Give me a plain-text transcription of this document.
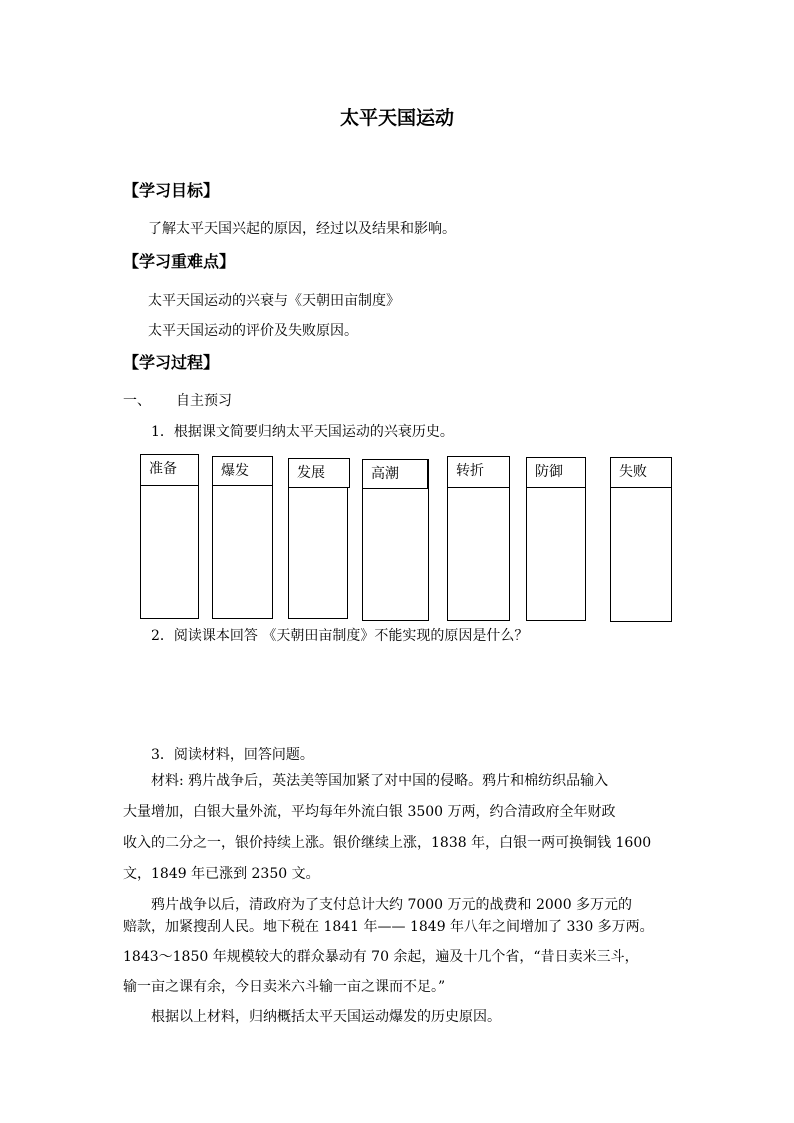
太平天国运动
【学习目标】
了解太平天国兴起的原因，经过以及结果和影响。
【学习重难点】
太平天国运动的兴衰与《天朝田亩制度》
太平天国运动的评价及失败原因。
【学习过程】
一、 自主预习
1．根据课文简要归纳太平天国运动的兴衰历史。
准备	爆发	发展	高潮	转折	防御	失败
2．阅读课本回答 《天朝田亩制度》不能实现的原因是什么？
3．阅读材料，回答问题。
材料: 鸦片战争后，英法美等国加紧了对中国的侵略。鸦片和棉纺织品输入
大量增加，白银大量外流，平均每年外流白银 3500 万两，约合清政府全年财政
收入的二分之一，银价持续上涨。银价继续上涨，1838 年，白银一两可换铜钱 1600
文，1849 年已涨到 2350 文。
鸦片战争以后，清政府为了支付总计大约 7000 万元的战费和 2000 多万元的
赔款，加紧搜刮人民。地下税在 1841 年—— 1849 年八年之间增加了 330 多万两。
1843～1850 年规模较大的群众暴动有 70 余起，遍及十几个省，“昔日卖米三斗，
输一亩之课有余，今日卖米六斗输一亩之课而不足。”
根据以上材料，归纳概括太平天国运动爆发的历史原因。
